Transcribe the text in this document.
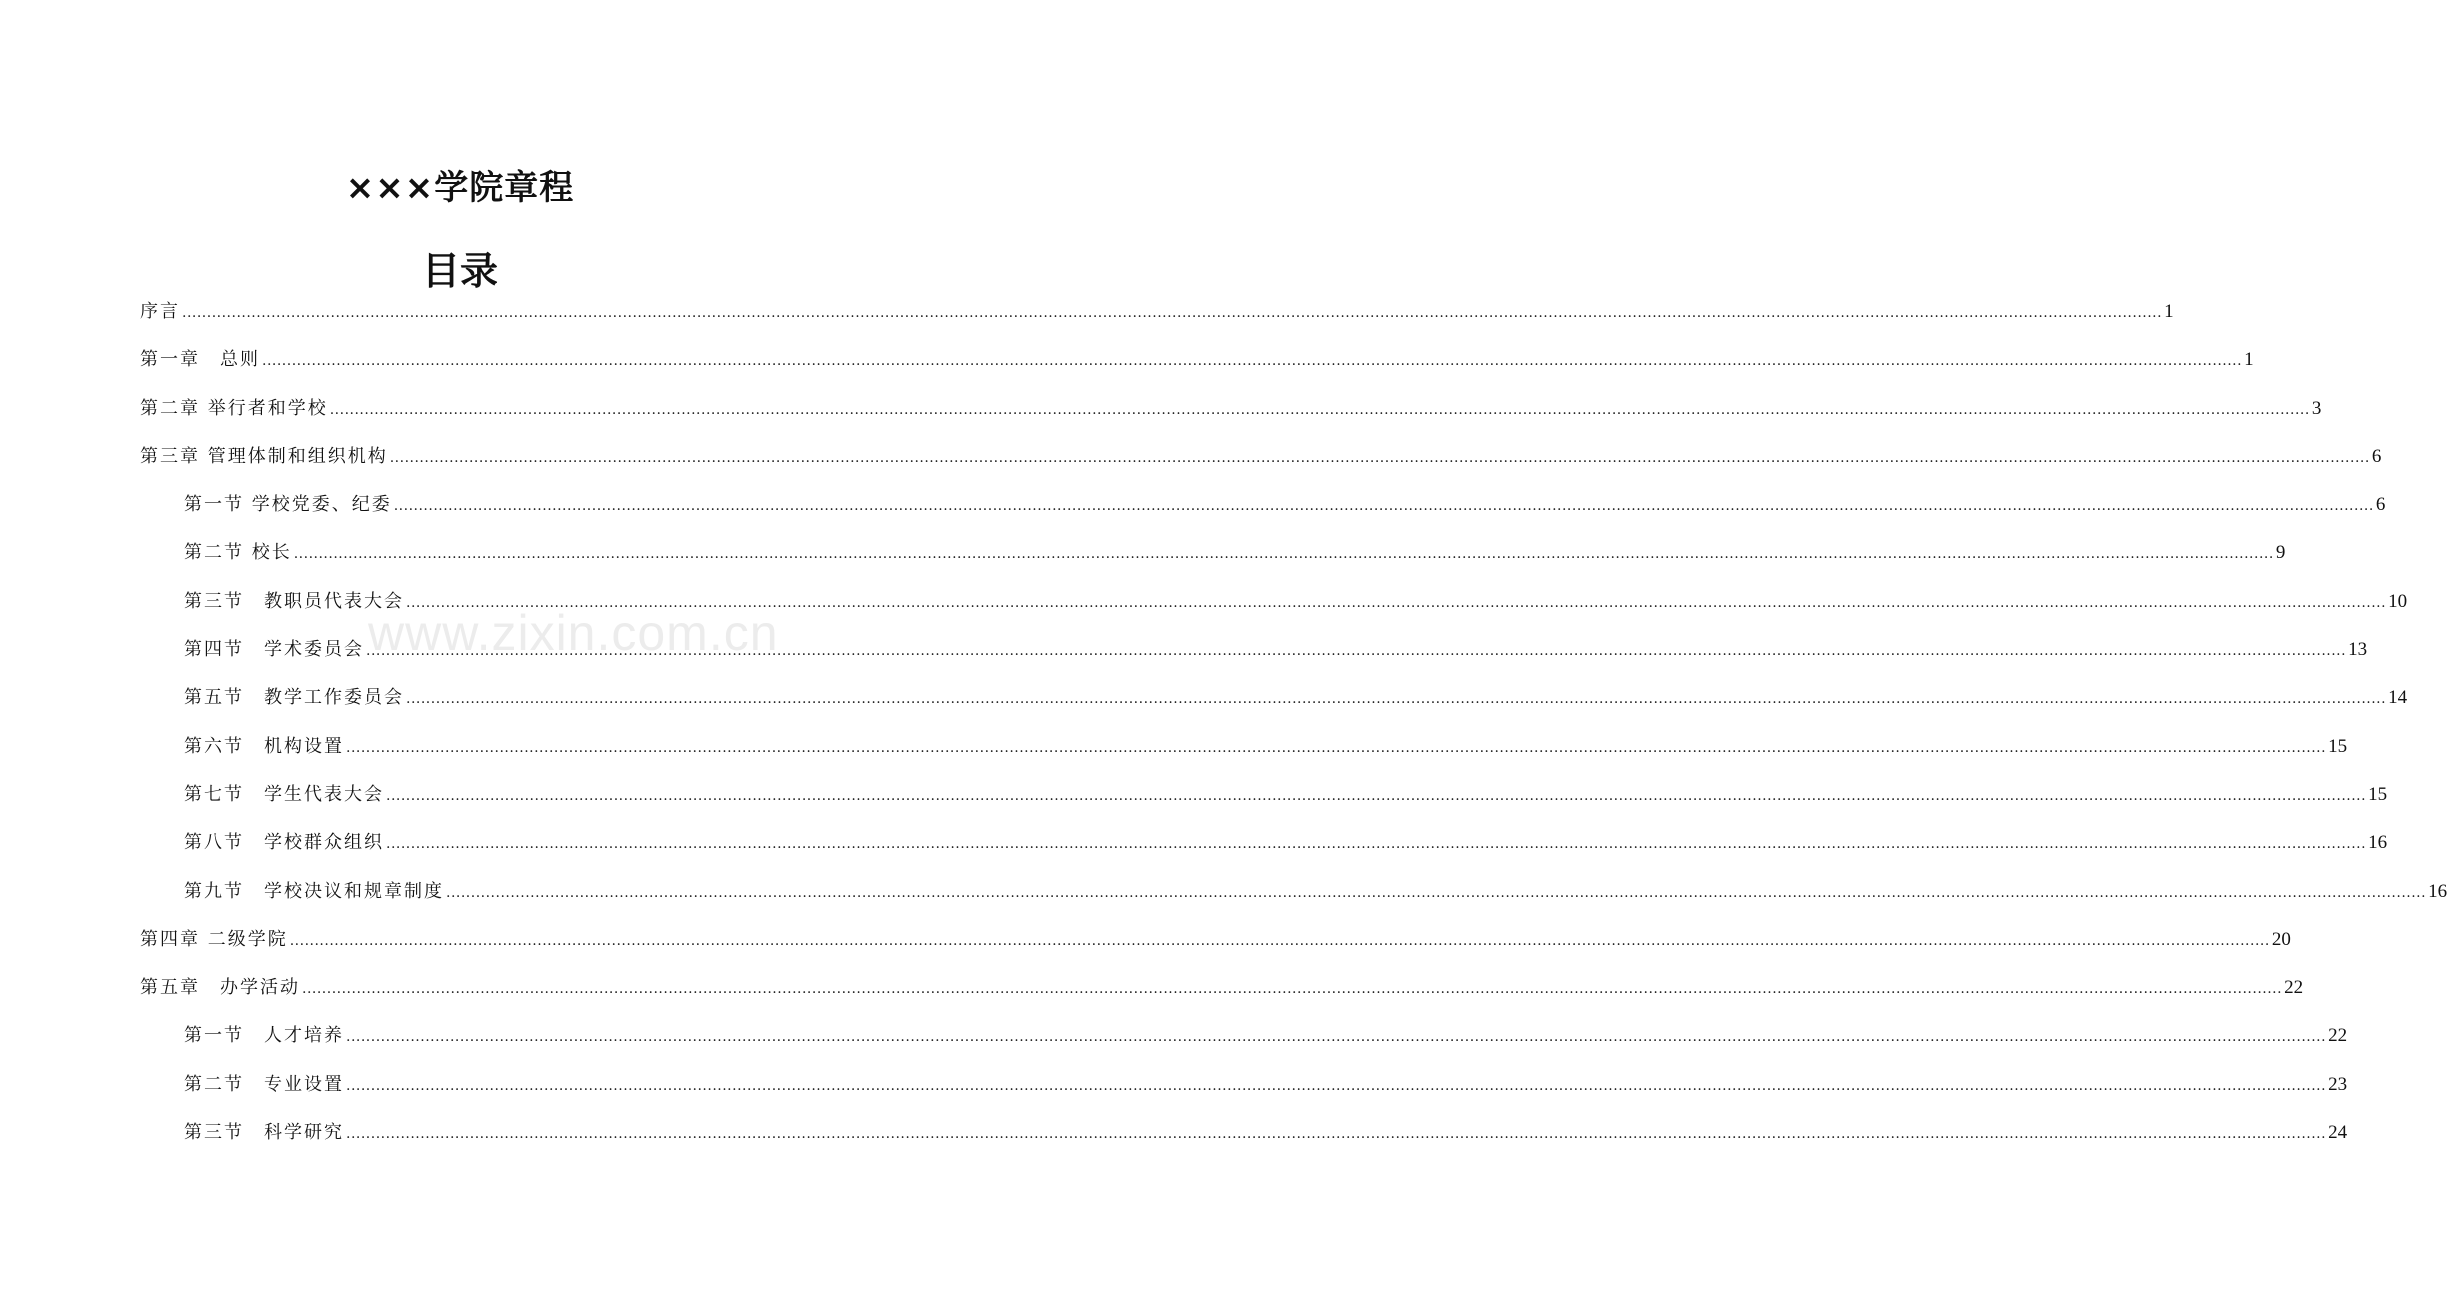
×××学院章程
目录
序言 ................................................................................................................................................................................................................................................................................................................................................................................................................ 1
第一章　总则 ................................................................................................................................................................................................................................................................................................................................................................................................................ 1
第二章 举行者和学校 ................................................................................................................................................................................................................................................................................................................................................................................................................ 3
第三章 管理体制和组织机构 ................................................................................................................................................................................................................................................................................................................................................................................................................ 6
第一节 学校党委、纪委 ................................................................................................................................................................................................................................................................................................................................................................................................................ 6
第二节 校长 ................................................................................................................................................................................................................................................................................................................................................................................................................ 9
第三节　教职员代表大会 ................................................................................................................................................................................................................................................................................................................................................................................................................ 10
第四节　学术委员会 ................................................................................................................................................................................................................................................................................................................................................................................................................ 13
第五节　教学工作委员会 ................................................................................................................................................................................................................................................................................................................................................................................................................ 14
第六节　机构设置 ................................................................................................................................................................................................................................................................................................................................................................................................................ 15
第七节　学生代表大会 ................................................................................................................................................................................................................................................................................................................................................................................................................ 15
第八节　学校群众组织 ................................................................................................................................................................................................................................................................................................................................................................................................................ 16
第九节　学校决议和规章制度 ................................................................................................................................................................................................................................................................................................................................................................................................................ 16
第四章 二级学院 ................................................................................................................................................................................................................................................................................................................................................................................................................ 20
第五章　办学活动 ................................................................................................................................................................................................................................................................................................................................................................................................................ 22
第一节　人才培养 ................................................................................................................................................................................................................................................................................................................................................................................................................ 22
第二节　专业设置 ................................................................................................................................................................................................................................................................................................................................................................................................................ 23
第三节　科学研究 ................................................................................................................................................................................................................................................................................................................................................................................................................ 24
www.zixin.com.cn
